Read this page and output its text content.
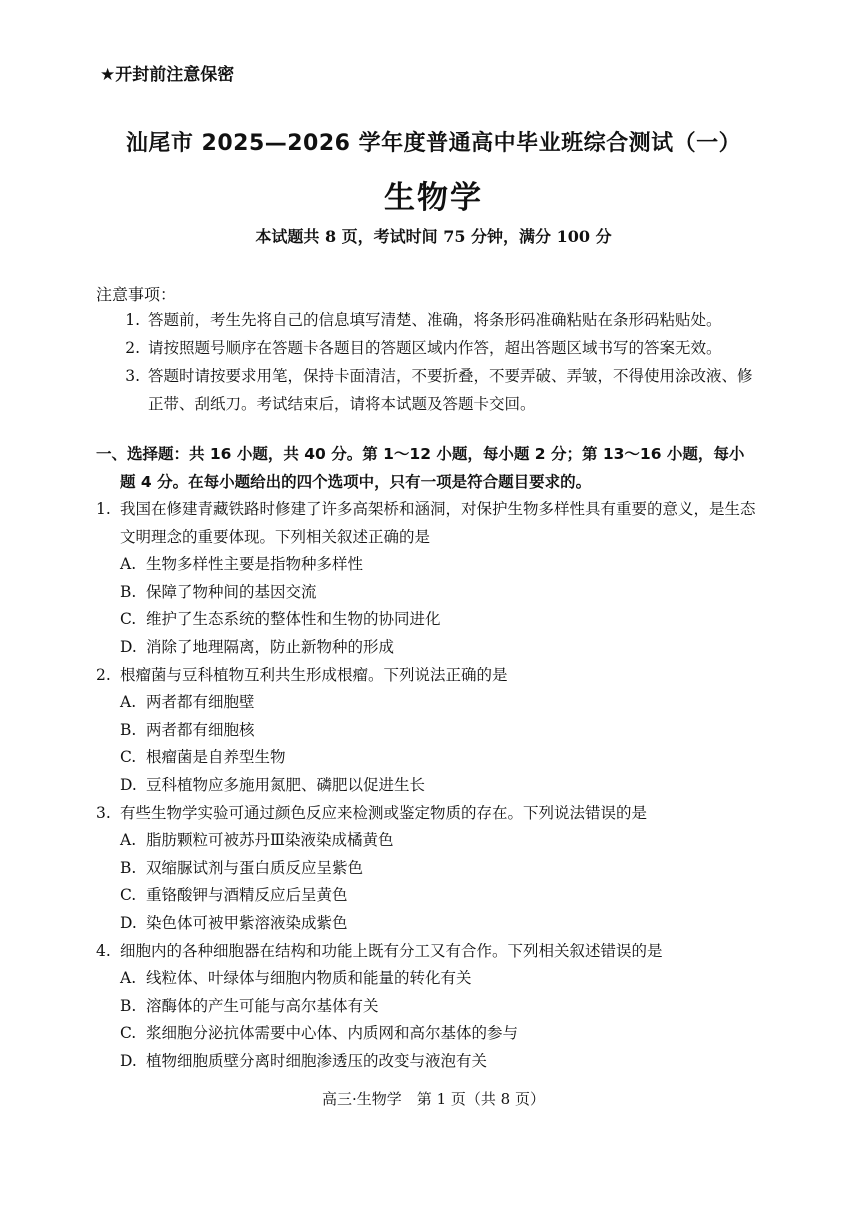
★开封前注意保密
汕尾市 2025—2026 学年度普通高中毕业班综合测试（一）
生物学
本试题共 8 页，考试时间 75 分钟，满分 100 分
注意事项：
1. 答题前，考生先将自己的信息填写清楚、准确，将条形码准确粘贴在条形码粘贴处。
2. 请按照题号顺序在答题卡各题目的答题区域内作答，超出答题区域书写的答案无效。
3. 答题时请按要求用笔，保持卡面清洁，不要折叠，不要弄破、弄皱，不得使用涂改液、修正带、刮纸刀。考试结束后，请将本试题及答题卡交回。
一、选择题：共 16 小题，共 40 分。第 1～12 小题，每小题 2 分；第 13～16 小题，每小
题 4 分。在每小题给出的四个选项中，只有一项是符合题目要求的。
1. 我国在修建青藏铁路时修建了许多高架桥和涵洞，对保护生物多样性具有重要的意义，是生态文明理念的重要体现。下列相关叙述正确的是
A. 生物多样性主要是指物种多样性
B. 保障了物种间的基因交流
C. 维护了生态系统的整体性和生物的协同进化
D. 消除了地理隔离，防止新物种的形成
2. 根瘤菌与豆科植物互利共生形成根瘤。下列说法正确的是
A. 两者都有细胞壁
B. 两者都有细胞核
C. 根瘤菌是自养型生物
D. 豆科植物应多施用氮肥、磷肥以促进生长
3. 有些生物学实验可通过颜色反应来检测或鉴定物质的存在。下列说法错误的是
A. 脂肪颗粒可被苏丹Ⅲ染液染成橘黄色
B. 双缩脲试剂与蛋白质反应呈紫色
C. 重铬酸钾与酒精反应后呈黄色
D. 染色体可被甲紫溶液染成紫色
4. 细胞内的各种细胞器在结构和功能上既有分工又有合作。下列相关叙述错误的是
A. 线粒体、叶绿体与细胞内物质和能量的转化有关
B. 溶酶体的产生可能与高尔基体有关
C. 浆细胞分泌抗体需要中心体、内质网和高尔基体的参与
D. 植物细胞质壁分离时细胞渗透压的改变与液泡有关
高三·生物学　第 1 页（共 8 页）
